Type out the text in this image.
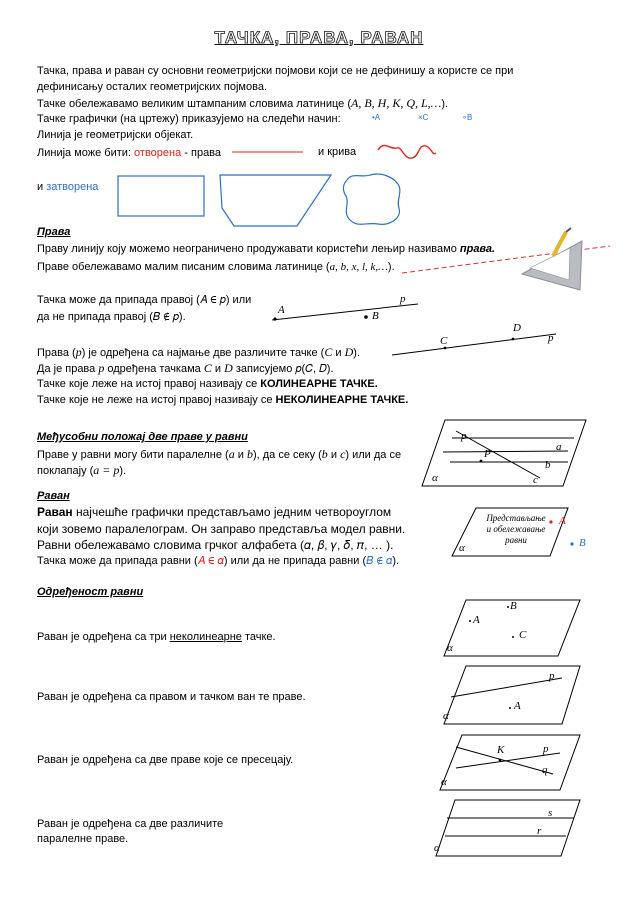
ТАЧКА, ПРАВА, РАВАН
Тачка, права и раван су основни геометријски појмови који се не дефинишу а користе се при
дефинисању осталих геометријских појмова.
Тачке обележавамо великим штампаним словима латинице (A, B, H, K, Q, L,…).
Тачке графички (на цртежу) приказујемо на следећи начин:	•A	×C	∘B
Линија је геометријски објекат.
Линија може бити: отворена - права	и крива
и затворена
Права
Праву линију коју можемо неограничено продужавати користећи лењир називамо права.
Праве обележавамо малим писаним словима латинице (a, b, x, l, k,…).
Тачка може да припада правој (𝐴 ∈ 𝑝) или
да не припада правој (𝐵 ∉ 𝑝).
Права (p) је одређена са најмање две различите тачке (C и D).
Да је права p одређена тачкама C и D записујемо 𝑝(𝐶, 𝐷).
Тачке које леже на истој правој називају се КОЛИНЕАРНЕ ТАЧКЕ.
Тачке које не леже на истој правој називају се НЕКОЛИНЕАРНЕ ТАЧКЕ.
Међусобни положај две праве у равни
Праве у равни могу бити паралелне (a и b), да се секу (b и c) или да се
поклапају (a = p).
Раван
Раван најчешће графички представљамо једним четвороуглом
који зовемо паралелограм. Он заправо представља модел равни.
Равни обележавамо словима грчког алфабета (𝛼, 𝛽, 𝛾, 𝛿, 𝜋, … ).
Тачка може да припада равни (𝐴 ∈ 𝛼) или да не припада равни (𝐵 ∉ 𝛼).
Одређеност равни
Раван је одређена са три неколинеарне тачке.
Раван је одређена са правом и тачком ван те праве.
Раван је одређена са две праве које се пресецају.
Раван је одређена са две различите
паралелне праве.
p
A	B
C
D
p
p
a
P
b
α	c
Представљање
и обележавање
равни
A
B
α
B
A
C
α
p
A
α
K	p
q
α
s
r
α
